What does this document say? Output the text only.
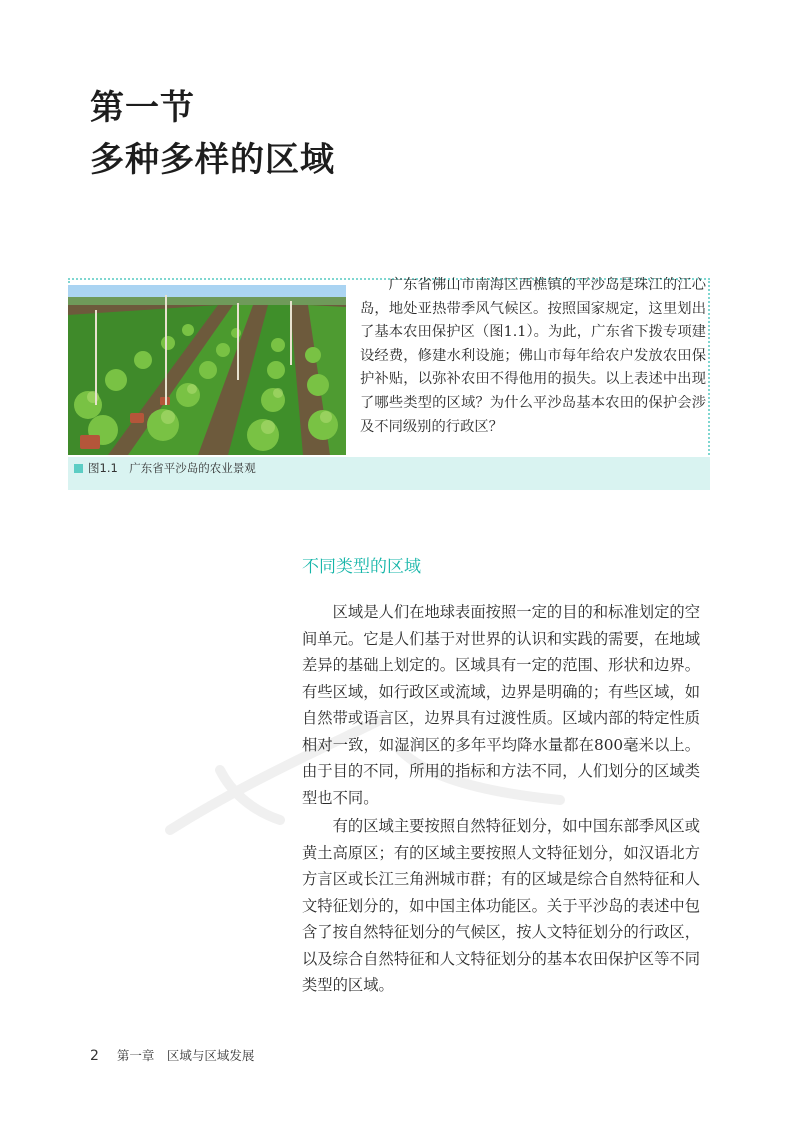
第一节
多种多样的区域
图1.1　广东省平沙岛的农业景观

广东省佛山市南海区西樵镇的平沙岛是珠江的江心岛，地处亚热带季风气候区。按照国家规定，这里划出了基本农田保护区（图1.1）。为此，广东省下拨专项建设经费，修建水利设施；佛山市每年给农户发放农田保护补贴，以弥补农田不得他用的损失。以上表述中出现了哪些类型的区域？为什么平沙岛基本农田的保护会涉及不同级别的行政区？

不同类型的区域

区域是人们在地球表面按照一定的目的和标准划定的空间单元。它是人们基于对世界的认识和实践的需要，在地域差异的基础上划定的。区域具有一定的范围、形状和边界。有些区域，如行政区或流域，边界是明确的；有些区域，如自然带或语言区，边界具有过渡性质。区域内部的特定性质相对一致，如湿润区的多年平均降水量都在800毫米以上。由于目的不同，所用的指标和方法不同，人们划分的区域类型也不同。

有的区域主要按照自然特征划分，如中国东部季风区或黄土高原区；有的区域主要按照人文特征划分，如汉语北方方言区或长江三角洲城市群；有的区域是综合自然特征和人文特征划分的，如中国主体功能区。关于平沙岛的表述中包含了按自然特征划分的气候区，按人文特征划分的行政区，以及综合自然特征和人文特征划分的基本农田保护区等不同类型的区域。

2 第一章　区域与区域发展
